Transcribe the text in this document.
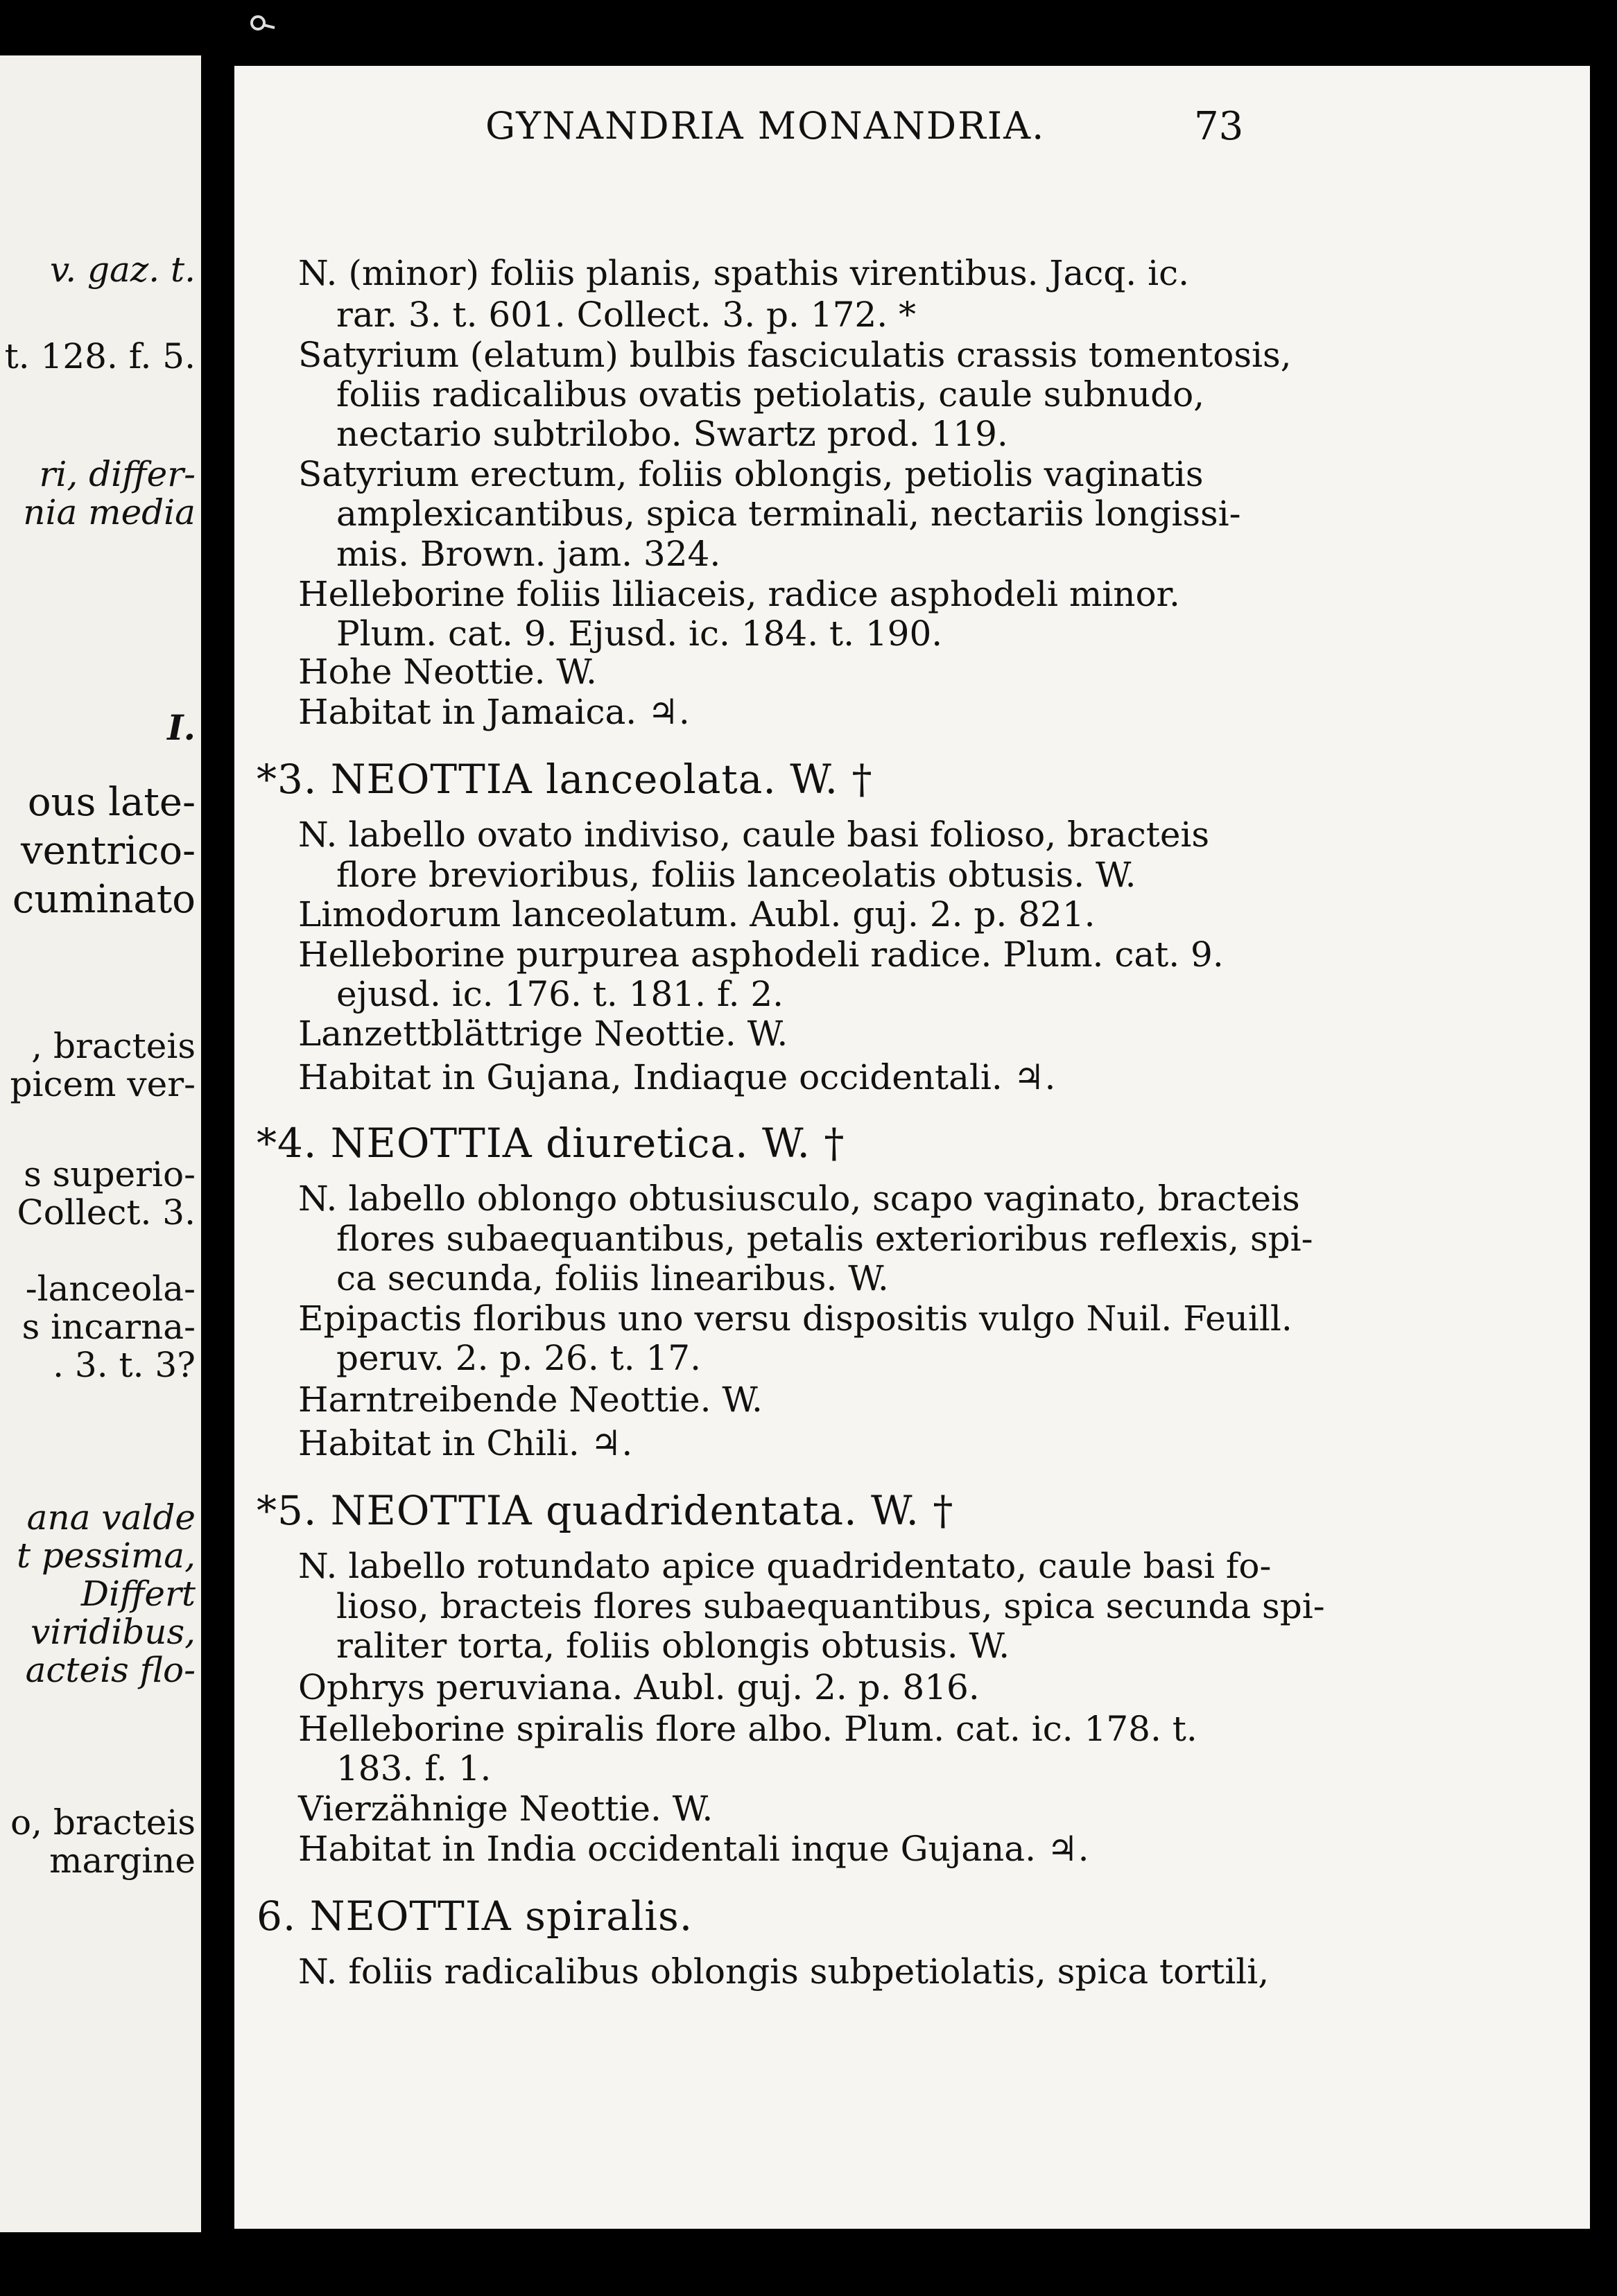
v. gaz. t.
t. 128. f. 5.
ri, differ-
nia media
I.
ous late-
ventrico-
cuminato
, bracteis
picem ver-
s superio-
Collect. 3.
-lanceola-
s incarna-
. 3. t. 3?
ana valde
t pessima,
Differt
viridibus,
acteis flo-
o, bracteis
margine
GYNANDRIA MONANDRIA.	73
N. (minor) foliis planis, spathis virentibus. Jacq. ic.
rar. 3. t. 601. Collect. 3. p. 172. *
Satyrium (elatum) bulbis fasciculatis crassis tomentosis,
foliis radicalibus ovatis petiolatis, caule subnudo,
nectario subtrilobo. Swartz prod. 119.
Satyrium erectum, foliis oblongis, petiolis vaginatis
amplexicantibus, spica terminali, nectariis longissi-
mis. Brown. jam. 324.
Helleborine foliis liliaceis, radice asphodeli minor.
Plum. cat. 9. Ejusd. ic. 184. t. 190.
Hohe Neottie. W.
Habitat in Jamaica. ♃.
*3. NEOTTIA lanceolata. W. †
N. labello ovato indiviso, caule basi folioso, bracteis
flore brevioribus, foliis lanceolatis obtusis. W.
Limodorum lanceolatum. Aubl. guj. 2. p. 821.
Helleborine purpurea asphodeli radice. Plum. cat. 9.
ejusd. ic. 176. t. 181. f. 2.
Lanzettblättrige Neottie. W.
Habitat in Gujana, Indiaque occidentali. ♃.
*4. NEOTTIA diuretica. W. †
N. labello oblongo obtusiusculo, scapo vaginato, bracteis
flores subaequantibus, petalis exterioribus reflexis, spi-
ca secunda, foliis linearibus. W.
Epipactis floribus uno versu dispositis vulgo Nuil. Feuill.
peruv. 2. p. 26. t. 17.
Harntreibende Neottie. W.
Habitat in Chili. ♃.
*5. NEOTTIA quadridentata. W. †
N. labello rotundato apice quadridentato, caule basi fo-
lioso, bracteis flores subaequantibus, spica secunda spi-
raliter torta, foliis oblongis obtusis. W.
Ophrys peruviana. Aubl. guj. 2. p. 816.
Helleborine spiralis flore albo. Plum. cat. ic. 178. t.
183. f. 1.
Vierzähnige Neottie. W.
Habitat in India occidentali inque Gujana. ♃.
6. NEOTTIA spiralis.
N. foliis radicalibus oblongis subpetiolatis, spica tortili,
